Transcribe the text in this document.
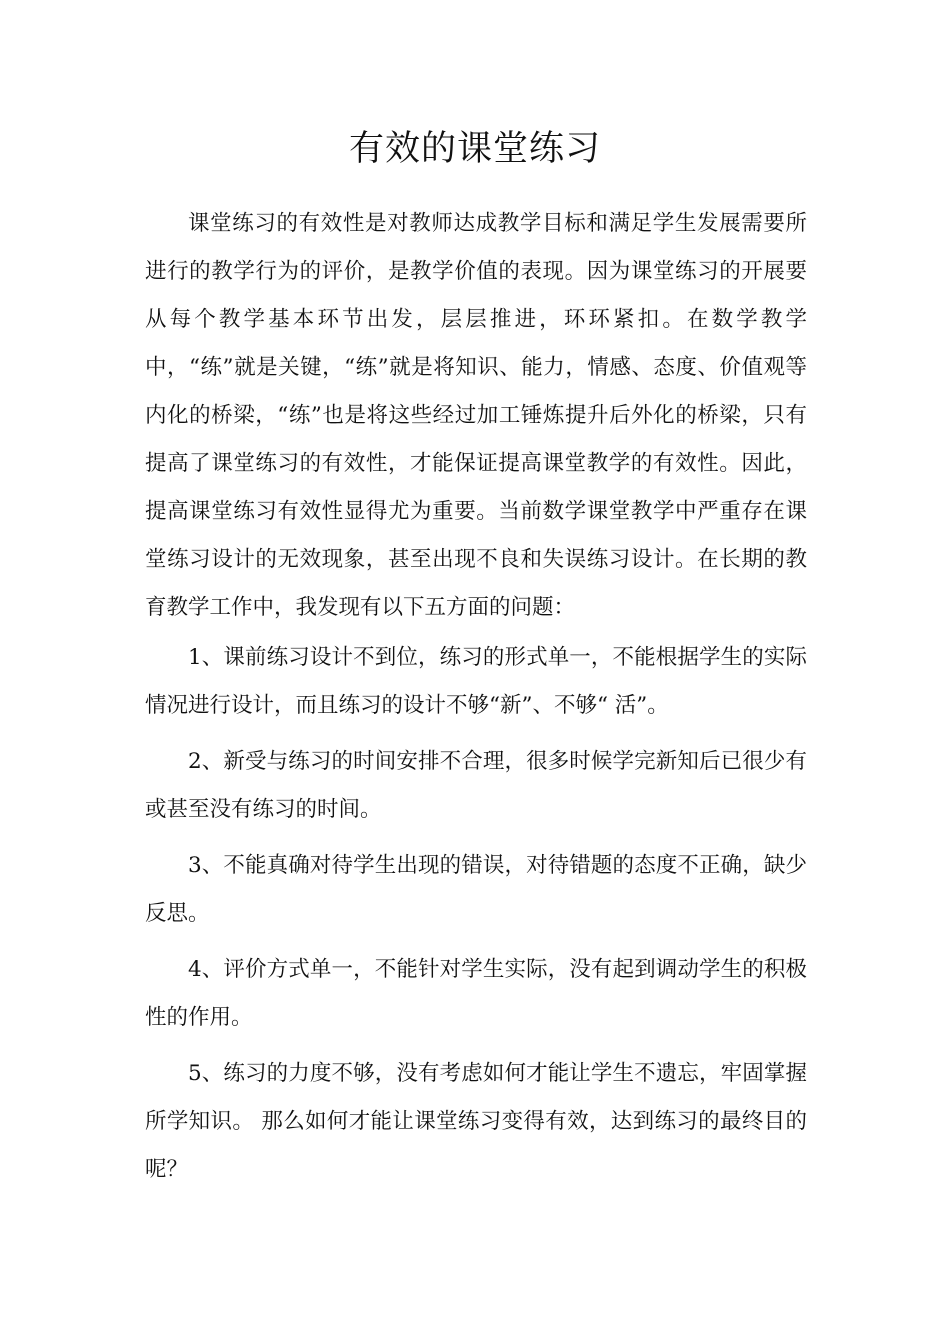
有效的课堂练习

课堂练习的有效性是对教师达成教学目标和满足学生发展需要所进行的教学行为的评价，是教学价值的表现。因为课堂练习的开展要从每个教学基本环节出发，层层推进，环环紧扣。在数学教学中，“练”就是关键，“练”就是将知识、能力，情感、态度、价值观等内化的桥梁，“练”也是将这些经过加工锤炼提升后外化的桥梁，只有提高了课堂练习的有效性，才能保证提高课堂教学的有效性。因此，提高课堂练习有效性显得尤为重要。当前数学课堂教学中严重存在课堂练习设计的无效现象，甚至出现不良和失误练习设计。在长期的教育教学工作中，我发现有以下五方面的问题：

1、课前练习设计不到位，练习的形式单一，不能根据学生的实际情况进行设计，而且练习的设计不够“新”、不够“ 活”。

2、新受与练习的时间安排不合理，很多时候学完新知后已很少有或甚至没有练习的时间。

3、不能真确对待学生出现的错误，对待错题的态度不正确，缺少反思。

4、评价方式单一，不能针对学生实际，没有起到调动学生的积极性的作用。

5、练习的力度不够，没有考虑如何才能让学生不遗忘，牢固掌握所学知识。 那么如何才能让课堂练习变得有效，达到练习的最终目的呢？
